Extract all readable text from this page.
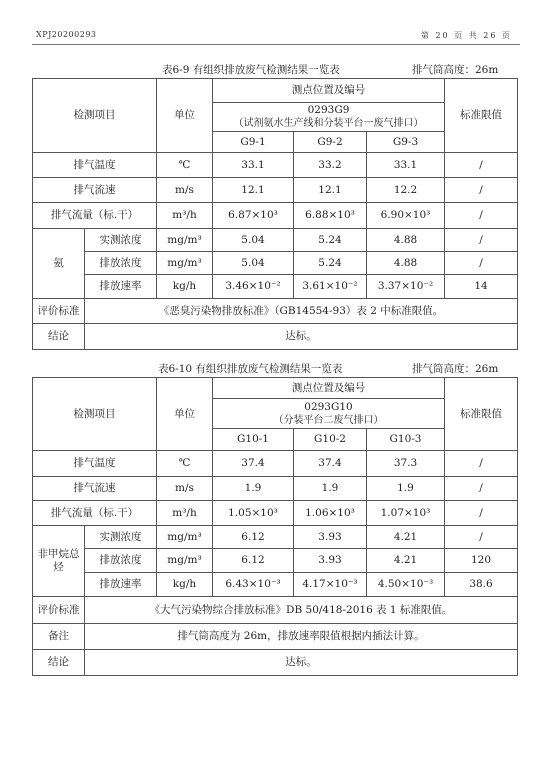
XPJ20200293	第 20 页 共 26 页
表6-9 有组织排放废气检测结果一览表	排气筒高度：26m
检测项目		单位	测点位置及编号			标准限值

			0293G9
（试剂氨水生产线和分装平台一废气排口）			

			G9-1	G9-2	G9-3	
排气温度		℃	33.1	33.2	33.1	/
排气流速		m/s	12.1	12.1	12.2	/
排气流量（标.干）		m³/h	6.87×10³	6.88×10³	6.90×10³	/
氨	实测浓度	mg/m³	5.04	5.24	4.88	/
	排放浓度	mg/m³	5.04	5.24	4.88	/
	排放速率	kg/h	3.46×10⁻²	3.61×10⁻²	3.37×10⁻²	14
评价标准	《恶臭污染物排放标准》（GB14554-93）表 2 中标准限值。					
结论	达标。					
表6-10 有组织排放废气检测结果一览表	排气筒高度：26m
检测项目		单位	测点位置及编号			标准限值

			0293G10
（分装平台二废气排口）			

			G10-1	G10-2	G10-3	
排气温度		℃	37.4	37.4	37.3	/
排气流速		m/s	1.9	1.9	1.9	/
排气流量（标.干）		m³/h	1.05×10³	1.06×10³	1.07×10³	/
非甲烷总烃	实测浓度	mg/m³	6.12	3.93	4.21	/
	排放浓度	mg/m³	6.12	3.93	4.21	120
	排放速率	kg/h	6.43×10⁻³	4.17×10⁻³	4.50×10⁻³	38.6
评价标准	《大气污染物综合排放标准》DB 50/418-2016 表 1 标准限值。					
备注	排气筒高度为 26m，排放速率限值根据内插法计算。					
结论	达标。					
